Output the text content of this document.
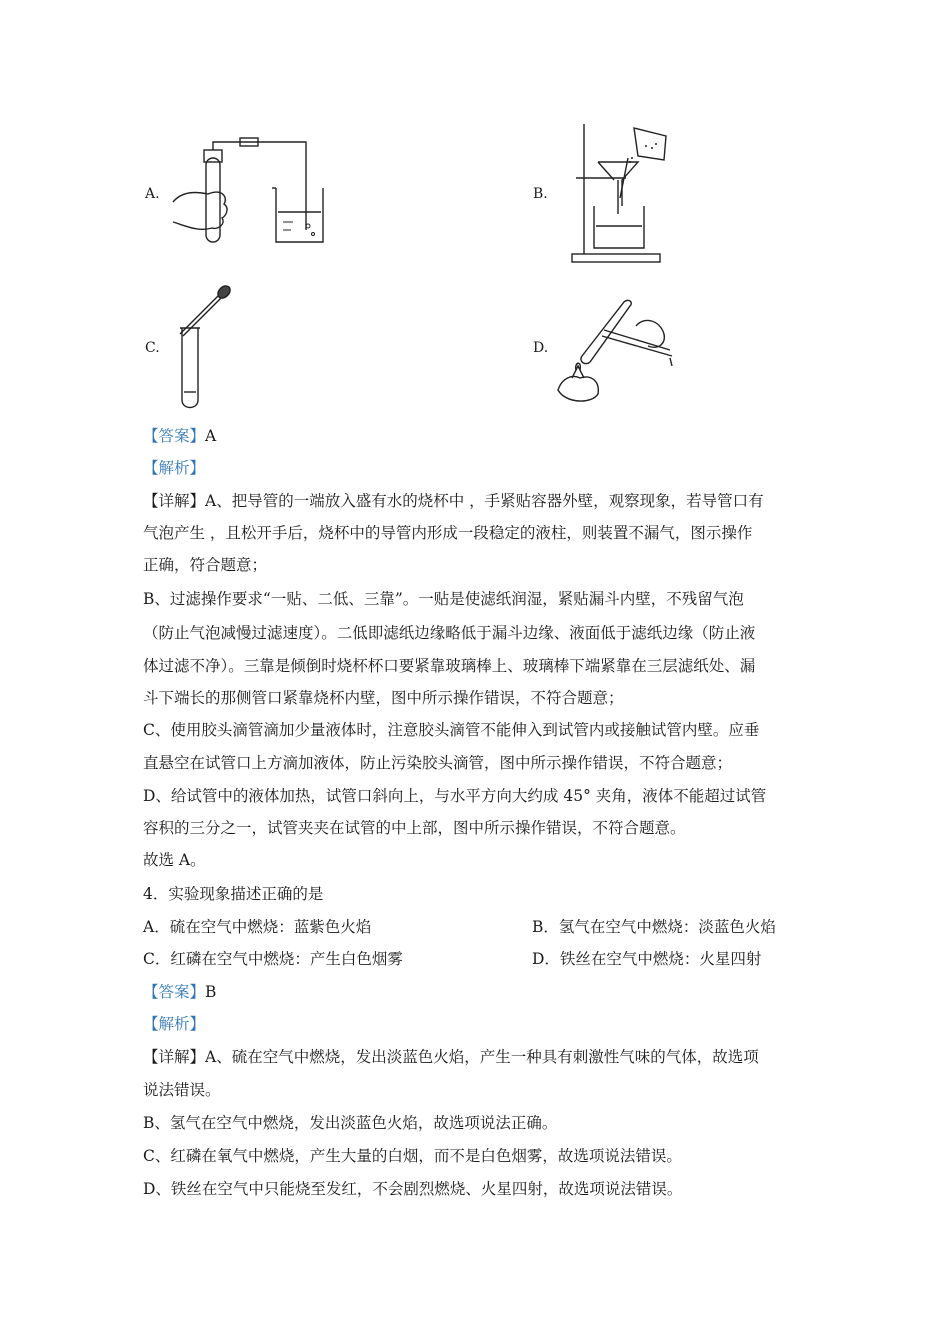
A.	B.
C.	D.
【答案】A
【解析】
【详解】A、把导管的一端放入盛有水的烧杯中 ，手紧贴容器外壁，观察现象，若导管口有
气泡产生 ，且松开手后，烧杯中的导管内形成一段稳定的液柱，则装置不漏气，图示操作
正确，符合题意；
B、过滤操作要求“一贴、二低、三靠”。一贴是使滤纸润湿，紧贴漏斗内壁，不残留气泡
（防止气泡减慢过滤速度）。二低即滤纸边缘略低于漏斗边缘、液面低于滤纸边缘（防止液
体过滤不净）。三靠是倾倒时烧杯杯口要紧靠玻璃棒上、玻璃棒下端紧靠在三层滤纸处、漏
斗下端长的那侧管口紧靠烧杯内壁，图中所示操作错误，不符合题意；
C、使用胶头滴管滴加少量液体时，注意胶头滴管不能伸入到试管内或接触试管内壁。应垂
直悬空在试管口上方滴加液体，防止污染胶头滴管，图中所示操作错误，不符合题意；
D、给试管中的液体加热，试管口斜向上，与水平方向大约成 45° 夹角，液体不能超过试管
容积的三分之一，试管夹夹在试管的中上部，图中所示操作错误，不符合题意。
故选 A。
4．实验现象描述正确的是
A．硫在空气中燃烧：蓝紫色火焰	B．氢气在空气中燃烧：淡蓝色火焰
C．红磷在空气中燃烧：产生白色烟雾	D．铁丝在空气中燃烧：火星四射
【答案】B
【解析】
【详解】A、硫在空气中燃烧，发出淡蓝色火焰，产生一种具有刺激性气味的气体，故选项
说法错误。
B、氢气在空气中燃烧，发出淡蓝色火焰，故选项说法正确。
C、红磷在氧气中燃烧，产生大量的白烟，而不是白色烟雾，故选项说法错误。
D、铁丝在空气中只能烧至发红，不会剧烈燃烧、火星四射，故选项说法错误。
